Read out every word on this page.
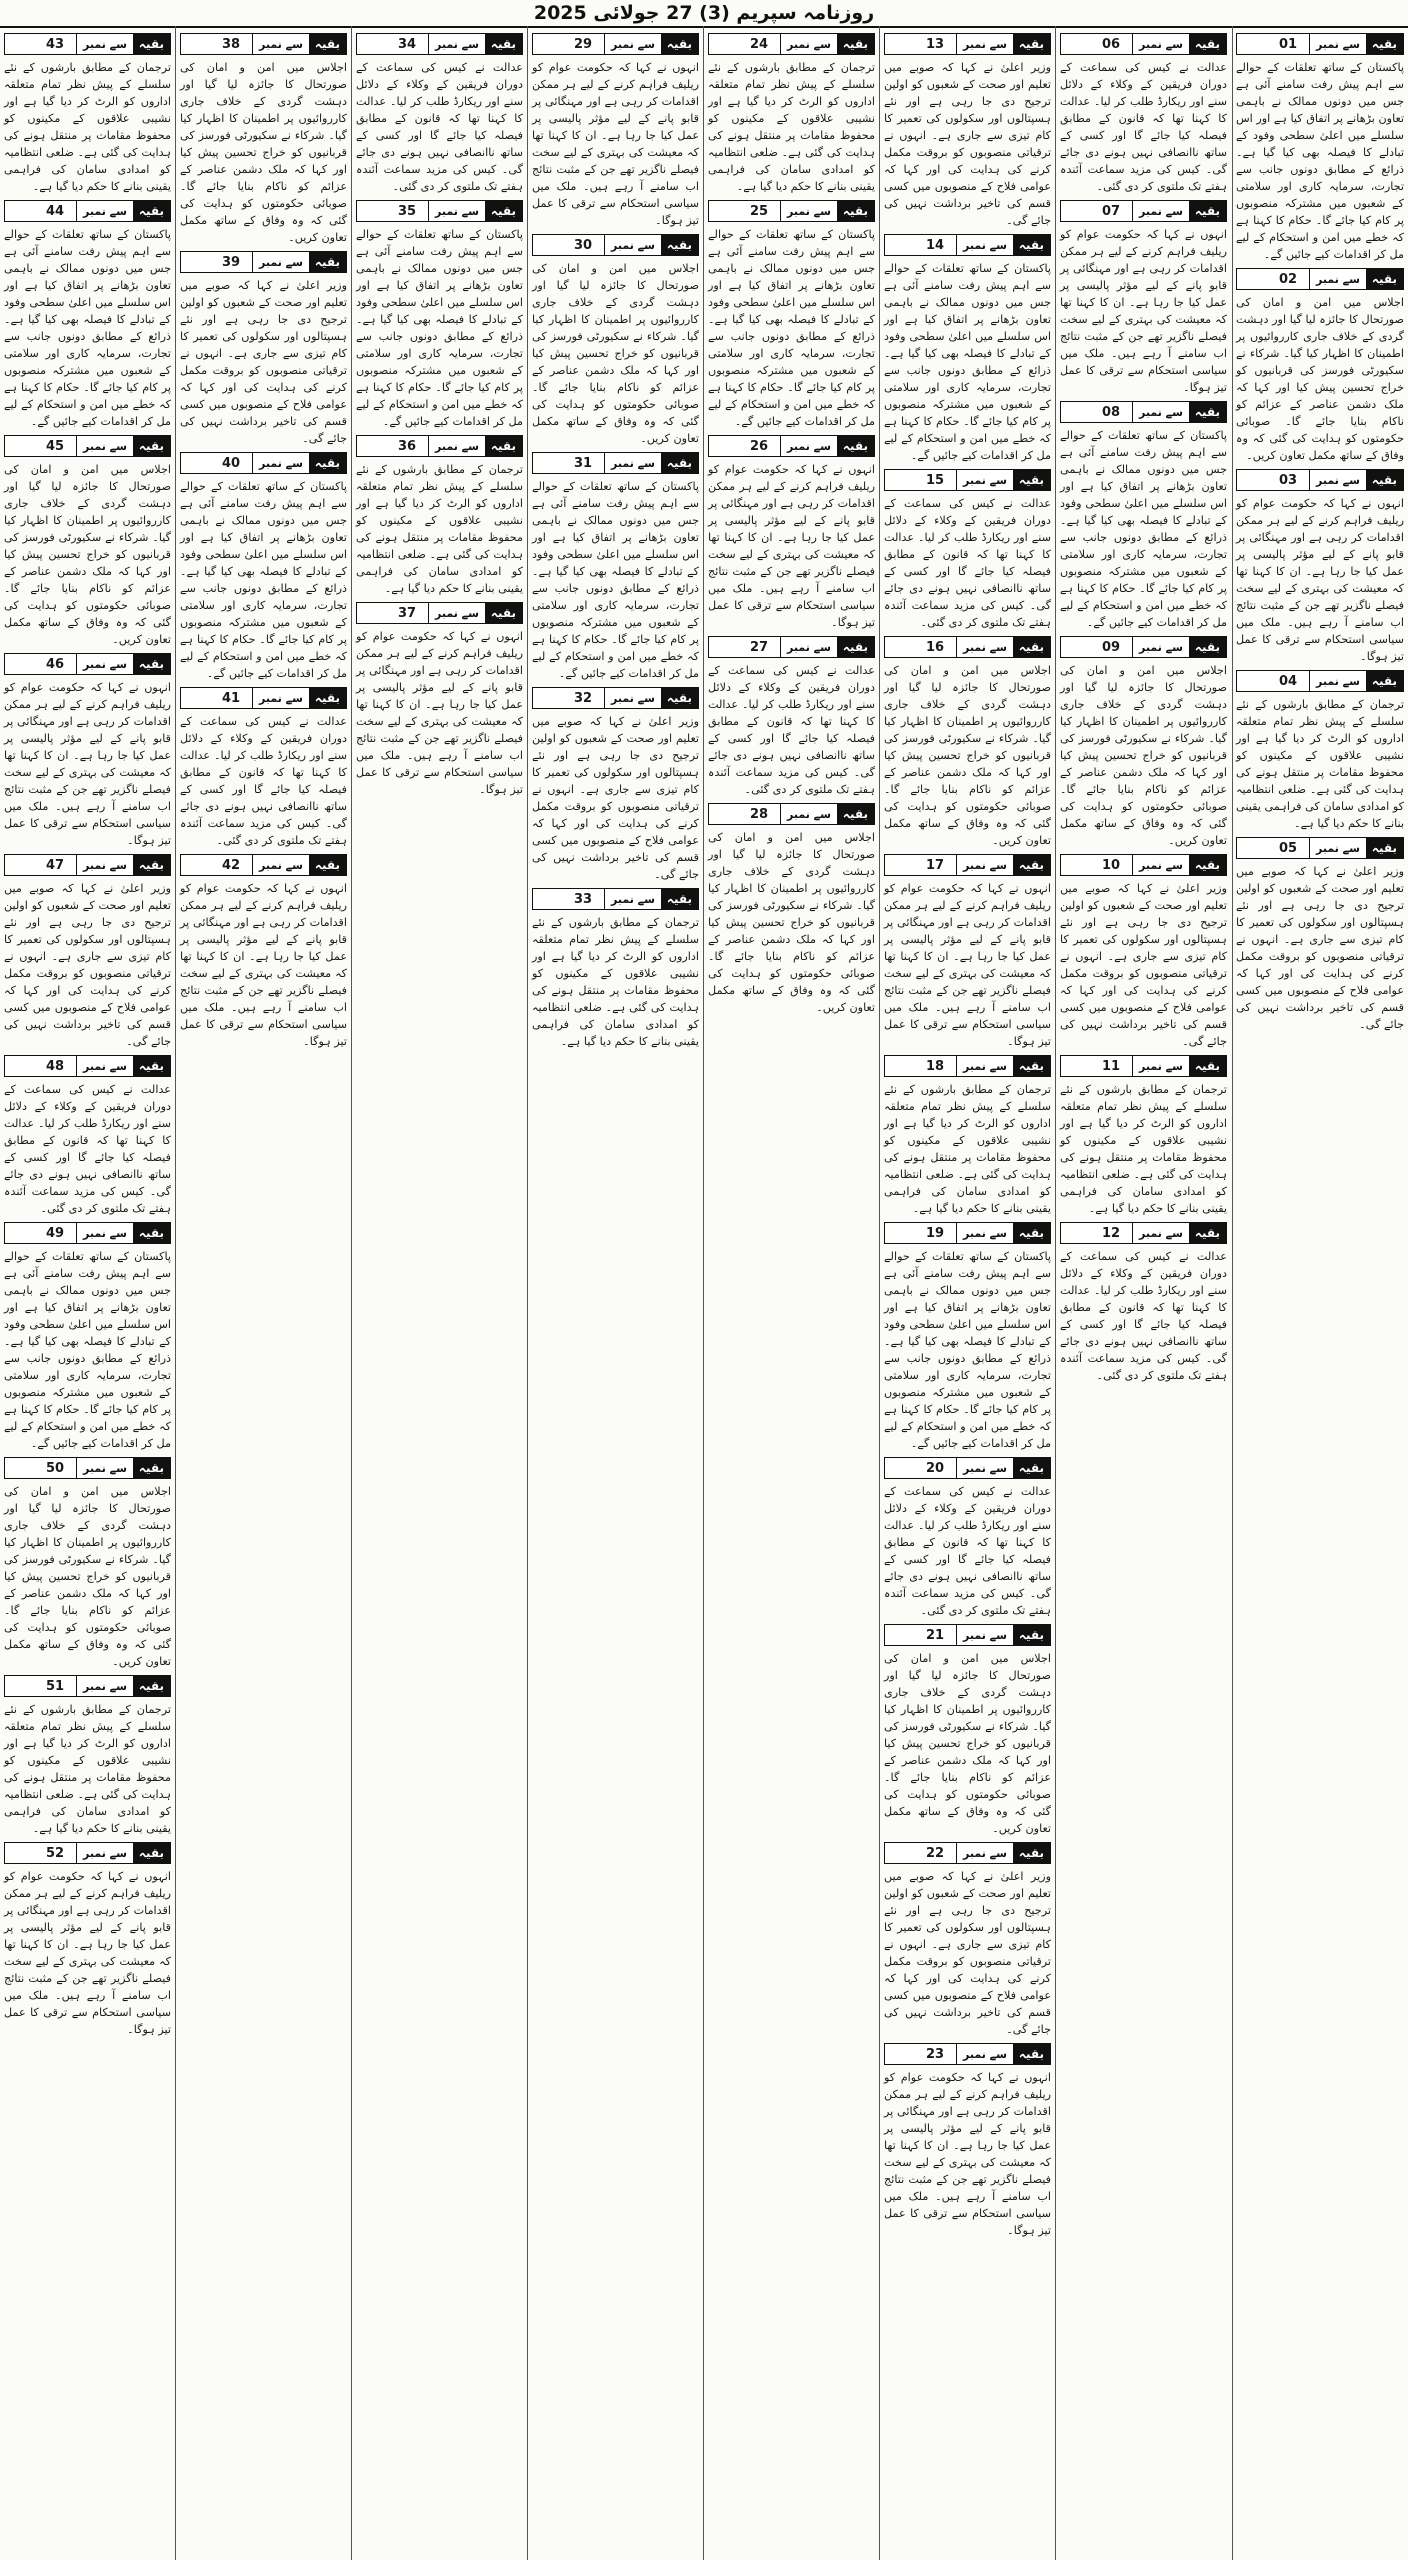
روزنامہ سپریم (3) 27 جولائی 2025
01	سے نمبر	بقیہ

پاکستان کے ساتھ تعلقات کے حوالے سے اہم پیش رفت سامنے آئی ہے جس میں دونوں ممالک نے باہمی تعاون بڑھانے پر اتفاق کیا ہے اور اس سلسلے میں اعلیٰ سطحی وفود کے تبادلے کا فیصلہ بھی کیا گیا ہے۔ ذرائع کے مطابق دونوں جانب سے تجارت، سرمایہ کاری اور سلامتی کے شعبوں میں مشترکہ منصوبوں پر کام کیا جائے گا۔ حکام کا کہنا ہے کہ خطے میں امن و استحکام کے لیے مل کر اقدامات کیے جائیں گے۔

02	سے نمبر	بقیہ

اجلاس میں امن و امان کی صورتحال کا جائزہ لیا گیا اور دہشت گردی کے خلاف جاری کارروائیوں پر اطمینان کا اظہار کیا گیا۔ شرکاء نے سکیورٹی فورسز کی قربانیوں کو خراج تحسین پیش کیا اور کہا کہ ملک دشمن عناصر کے عزائم کو ناکام بنایا جائے گا۔ صوبائی حکومتوں کو ہدایت کی گئی کہ وہ وفاق کے ساتھ مکمل تعاون کریں۔

03	سے نمبر	بقیہ

انہوں نے کہا کہ حکومت عوام کو ریلیف فراہم کرنے کے لیے ہر ممکن اقدامات کر رہی ہے اور مہنگائی پر قابو پانے کے لیے مؤثر پالیسی پر عمل کیا جا رہا ہے۔ ان کا کہنا تھا کہ معیشت کی بہتری کے لیے سخت فیصلے ناگزیر تھے جن کے مثبت نتائج اب سامنے آ رہے ہیں۔ ملک میں سیاسی استحکام سے ترقی کا عمل تیز ہوگا۔

04	سے نمبر	بقیہ

ترجمان کے مطابق بارشوں کے نئے سلسلے کے پیش نظر تمام متعلقہ اداروں کو الرٹ کر دیا گیا ہے اور نشیبی علاقوں کے مکینوں کو محفوظ مقامات پر منتقل ہونے کی ہدایت کی گئی ہے۔ ضلعی انتظامیہ کو امدادی سامان کی فراہمی یقینی بنانے کا حکم دیا گیا ہے۔

05	سے نمبر	بقیہ

وزیر اعلیٰ نے کہا کہ صوبے میں تعلیم اور صحت کے شعبوں کو اولین ترجیح دی جا رہی ہے اور نئے ہسپتالوں اور سکولوں کی تعمیر کا کام تیزی سے جاری ہے۔ انہوں نے ترقیاتی منصوبوں کو بروقت مکمل کرنے کی ہدایت کی اور کہا کہ عوامی فلاح کے منصوبوں میں کسی قسم کی تاخیر برداشت نہیں کی جائے گی۔

06	سے نمبر	بقیہ

عدالت نے کیس کی سماعت کے دوران فریقین کے وکلاء کے دلائل سنے اور ریکارڈ طلب کر لیا۔ عدالت کا کہنا تھا کہ قانون کے مطابق فیصلہ کیا جائے گا اور کسی کے ساتھ ناانصافی نہیں ہونے دی جائے گی۔ کیس کی مزید سماعت آئندہ ہفتے تک ملتوی کر دی گئی۔

07	سے نمبر	بقیہ

انہوں نے کہا کہ حکومت عوام کو ریلیف فراہم کرنے کے لیے ہر ممکن اقدامات کر رہی ہے اور مہنگائی پر قابو پانے کے لیے مؤثر پالیسی پر عمل کیا جا رہا ہے۔ ان کا کہنا تھا کہ معیشت کی بہتری کے لیے سخت فیصلے ناگزیر تھے جن کے مثبت نتائج اب سامنے آ رہے ہیں۔ ملک میں سیاسی استحکام سے ترقی کا عمل تیز ہوگا۔

08	سے نمبر	بقیہ

پاکستان کے ساتھ تعلقات کے حوالے سے اہم پیش رفت سامنے آئی ہے جس میں دونوں ممالک نے باہمی تعاون بڑھانے پر اتفاق کیا ہے اور اس سلسلے میں اعلیٰ سطحی وفود کے تبادلے کا فیصلہ بھی کیا گیا ہے۔ ذرائع کے مطابق دونوں جانب سے تجارت، سرمایہ کاری اور سلامتی کے شعبوں میں مشترکہ منصوبوں پر کام کیا جائے گا۔ حکام کا کہنا ہے کہ خطے میں امن و استحکام کے لیے مل کر اقدامات کیے جائیں گے۔

09	سے نمبر	بقیہ

اجلاس میں امن و امان کی صورتحال کا جائزہ لیا گیا اور دہشت گردی کے خلاف جاری کارروائیوں پر اطمینان کا اظہار کیا گیا۔ شرکاء نے سکیورٹی فورسز کی قربانیوں کو خراج تحسین پیش کیا اور کہا کہ ملک دشمن عناصر کے عزائم کو ناکام بنایا جائے گا۔ صوبائی حکومتوں کو ہدایت کی گئی کہ وہ وفاق کے ساتھ مکمل تعاون کریں۔

10	سے نمبر	بقیہ

وزیر اعلیٰ نے کہا کہ صوبے میں تعلیم اور صحت کے شعبوں کو اولین ترجیح دی جا رہی ہے اور نئے ہسپتالوں اور سکولوں کی تعمیر کا کام تیزی سے جاری ہے۔ انہوں نے ترقیاتی منصوبوں کو بروقت مکمل کرنے کی ہدایت کی اور کہا کہ عوامی فلاح کے منصوبوں میں کسی قسم کی تاخیر برداشت نہیں کی جائے گی۔

11	سے نمبر	بقیہ

ترجمان کے مطابق بارشوں کے نئے سلسلے کے پیش نظر تمام متعلقہ اداروں کو الرٹ کر دیا گیا ہے اور نشیبی علاقوں کے مکینوں کو محفوظ مقامات پر منتقل ہونے کی ہدایت کی گئی ہے۔ ضلعی انتظامیہ کو امدادی سامان کی فراہمی یقینی بنانے کا حکم دیا گیا ہے۔

12	سے نمبر	بقیہ

عدالت نے کیس کی سماعت کے دوران فریقین کے وکلاء کے دلائل سنے اور ریکارڈ طلب کر لیا۔ عدالت کا کہنا تھا کہ قانون کے مطابق فیصلہ کیا جائے گا اور کسی کے ساتھ ناانصافی نہیں ہونے دی جائے گی۔ کیس کی مزید سماعت آئندہ ہفتے تک ملتوی کر دی گئی۔

13	سے نمبر	بقیہ

وزیر اعلیٰ نے کہا کہ صوبے میں تعلیم اور صحت کے شعبوں کو اولین ترجیح دی جا رہی ہے اور نئے ہسپتالوں اور سکولوں کی تعمیر کا کام تیزی سے جاری ہے۔ انہوں نے ترقیاتی منصوبوں کو بروقت مکمل کرنے کی ہدایت کی اور کہا کہ عوامی فلاح کے منصوبوں میں کسی قسم کی تاخیر برداشت نہیں کی جائے گی۔

14	سے نمبر	بقیہ

پاکستان کے ساتھ تعلقات کے حوالے سے اہم پیش رفت سامنے آئی ہے جس میں دونوں ممالک نے باہمی تعاون بڑھانے پر اتفاق کیا ہے اور اس سلسلے میں اعلیٰ سطحی وفود کے تبادلے کا فیصلہ بھی کیا گیا ہے۔ ذرائع کے مطابق دونوں جانب سے تجارت، سرمایہ کاری اور سلامتی کے شعبوں میں مشترکہ منصوبوں پر کام کیا جائے گا۔ حکام کا کہنا ہے کہ خطے میں امن و استحکام کے لیے مل کر اقدامات کیے جائیں گے۔

15	سے نمبر	بقیہ

عدالت نے کیس کی سماعت کے دوران فریقین کے وکلاء کے دلائل سنے اور ریکارڈ طلب کر لیا۔ عدالت کا کہنا تھا کہ قانون کے مطابق فیصلہ کیا جائے گا اور کسی کے ساتھ ناانصافی نہیں ہونے دی جائے گی۔ کیس کی مزید سماعت آئندہ ہفتے تک ملتوی کر دی گئی۔

16	سے نمبر	بقیہ

اجلاس میں امن و امان کی صورتحال کا جائزہ لیا گیا اور دہشت گردی کے خلاف جاری کارروائیوں پر اطمینان کا اظہار کیا گیا۔ شرکاء نے سکیورٹی فورسز کی قربانیوں کو خراج تحسین پیش کیا اور کہا کہ ملک دشمن عناصر کے عزائم کو ناکام بنایا جائے گا۔ صوبائی حکومتوں کو ہدایت کی گئی کہ وہ وفاق کے ساتھ مکمل تعاون کریں۔

17	سے نمبر	بقیہ

انہوں نے کہا کہ حکومت عوام کو ریلیف فراہم کرنے کے لیے ہر ممکن اقدامات کر رہی ہے اور مہنگائی پر قابو پانے کے لیے مؤثر پالیسی پر عمل کیا جا رہا ہے۔ ان کا کہنا تھا کہ معیشت کی بہتری کے لیے سخت فیصلے ناگزیر تھے جن کے مثبت نتائج اب سامنے آ رہے ہیں۔ ملک میں سیاسی استحکام سے ترقی کا عمل تیز ہوگا۔

18	سے نمبر	بقیہ

ترجمان کے مطابق بارشوں کے نئے سلسلے کے پیش نظر تمام متعلقہ اداروں کو الرٹ کر دیا گیا ہے اور نشیبی علاقوں کے مکینوں کو محفوظ مقامات پر منتقل ہونے کی ہدایت کی گئی ہے۔ ضلعی انتظامیہ کو امدادی سامان کی فراہمی یقینی بنانے کا حکم دیا گیا ہے۔

19	سے نمبر	بقیہ

پاکستان کے ساتھ تعلقات کے حوالے سے اہم پیش رفت سامنے آئی ہے جس میں دونوں ممالک نے باہمی تعاون بڑھانے پر اتفاق کیا ہے اور اس سلسلے میں اعلیٰ سطحی وفود کے تبادلے کا فیصلہ بھی کیا گیا ہے۔ ذرائع کے مطابق دونوں جانب سے تجارت، سرمایہ کاری اور سلامتی کے شعبوں میں مشترکہ منصوبوں پر کام کیا جائے گا۔ حکام کا کہنا ہے کہ خطے میں امن و استحکام کے لیے مل کر اقدامات کیے جائیں گے۔

20	سے نمبر	بقیہ

عدالت نے کیس کی سماعت کے دوران فریقین کے وکلاء کے دلائل سنے اور ریکارڈ طلب کر لیا۔ عدالت کا کہنا تھا کہ قانون کے مطابق فیصلہ کیا جائے گا اور کسی کے ساتھ ناانصافی نہیں ہونے دی جائے گی۔ کیس کی مزید سماعت آئندہ ہفتے تک ملتوی کر دی گئی۔

21	سے نمبر	بقیہ

اجلاس میں امن و امان کی صورتحال کا جائزہ لیا گیا اور دہشت گردی کے خلاف جاری کارروائیوں پر اطمینان کا اظہار کیا گیا۔ شرکاء نے سکیورٹی فورسز کی قربانیوں کو خراج تحسین پیش کیا اور کہا کہ ملک دشمن عناصر کے عزائم کو ناکام بنایا جائے گا۔ صوبائی حکومتوں کو ہدایت کی گئی کہ وہ وفاق کے ساتھ مکمل تعاون کریں۔

22	سے نمبر	بقیہ

وزیر اعلیٰ نے کہا کہ صوبے میں تعلیم اور صحت کے شعبوں کو اولین ترجیح دی جا رہی ہے اور نئے ہسپتالوں اور سکولوں کی تعمیر کا کام تیزی سے جاری ہے۔ انہوں نے ترقیاتی منصوبوں کو بروقت مکمل کرنے کی ہدایت کی اور کہا کہ عوامی فلاح کے منصوبوں میں کسی قسم کی تاخیر برداشت نہیں کی جائے گی۔

23	سے نمبر	بقیہ

انہوں نے کہا کہ حکومت عوام کو ریلیف فراہم کرنے کے لیے ہر ممکن اقدامات کر رہی ہے اور مہنگائی پر قابو پانے کے لیے مؤثر پالیسی پر عمل کیا جا رہا ہے۔ ان کا کہنا تھا کہ معیشت کی بہتری کے لیے سخت فیصلے ناگزیر تھے جن کے مثبت نتائج اب سامنے آ رہے ہیں۔ ملک میں سیاسی استحکام سے ترقی کا عمل تیز ہوگا۔

24	سے نمبر	بقیہ

ترجمان کے مطابق بارشوں کے نئے سلسلے کے پیش نظر تمام متعلقہ اداروں کو الرٹ کر دیا گیا ہے اور نشیبی علاقوں کے مکینوں کو محفوظ مقامات پر منتقل ہونے کی ہدایت کی گئی ہے۔ ضلعی انتظامیہ کو امدادی سامان کی فراہمی یقینی بنانے کا حکم دیا گیا ہے۔

25	سے نمبر	بقیہ

پاکستان کے ساتھ تعلقات کے حوالے سے اہم پیش رفت سامنے آئی ہے جس میں دونوں ممالک نے باہمی تعاون بڑھانے پر اتفاق کیا ہے اور اس سلسلے میں اعلیٰ سطحی وفود کے تبادلے کا فیصلہ بھی کیا گیا ہے۔ ذرائع کے مطابق دونوں جانب سے تجارت، سرمایہ کاری اور سلامتی کے شعبوں میں مشترکہ منصوبوں پر کام کیا جائے گا۔ حکام کا کہنا ہے کہ خطے میں امن و استحکام کے لیے مل کر اقدامات کیے جائیں گے۔

26	سے نمبر	بقیہ

انہوں نے کہا کہ حکومت عوام کو ریلیف فراہم کرنے کے لیے ہر ممکن اقدامات کر رہی ہے اور مہنگائی پر قابو پانے کے لیے مؤثر پالیسی پر عمل کیا جا رہا ہے۔ ان کا کہنا تھا کہ معیشت کی بہتری کے لیے سخت فیصلے ناگزیر تھے جن کے مثبت نتائج اب سامنے آ رہے ہیں۔ ملک میں سیاسی استحکام سے ترقی کا عمل تیز ہوگا۔

27	سے نمبر	بقیہ

عدالت نے کیس کی سماعت کے دوران فریقین کے وکلاء کے دلائل سنے اور ریکارڈ طلب کر لیا۔ عدالت کا کہنا تھا کہ قانون کے مطابق فیصلہ کیا جائے گا اور کسی کے ساتھ ناانصافی نہیں ہونے دی جائے گی۔ کیس کی مزید سماعت آئندہ ہفتے تک ملتوی کر دی گئی۔

28	سے نمبر	بقیہ

اجلاس میں امن و امان کی صورتحال کا جائزہ لیا گیا اور دہشت گردی کے خلاف جاری کارروائیوں پر اطمینان کا اظہار کیا گیا۔ شرکاء نے سکیورٹی فورسز کی قربانیوں کو خراج تحسین پیش کیا اور کہا کہ ملک دشمن عناصر کے عزائم کو ناکام بنایا جائے گا۔ صوبائی حکومتوں کو ہدایت کی گئی کہ وہ وفاق کے ساتھ مکمل تعاون کریں۔

29	سے نمبر	بقیہ

انہوں نے کہا کہ حکومت عوام کو ریلیف فراہم کرنے کے لیے ہر ممکن اقدامات کر رہی ہے اور مہنگائی پر قابو پانے کے لیے مؤثر پالیسی پر عمل کیا جا رہا ہے۔ ان کا کہنا تھا کہ معیشت کی بہتری کے لیے سخت فیصلے ناگزیر تھے جن کے مثبت نتائج اب سامنے آ رہے ہیں۔ ملک میں سیاسی استحکام سے ترقی کا عمل تیز ہوگا۔

30	سے نمبر	بقیہ

اجلاس میں امن و امان کی صورتحال کا جائزہ لیا گیا اور دہشت گردی کے خلاف جاری کارروائیوں پر اطمینان کا اظہار کیا گیا۔ شرکاء نے سکیورٹی فورسز کی قربانیوں کو خراج تحسین پیش کیا اور کہا کہ ملک دشمن عناصر کے عزائم کو ناکام بنایا جائے گا۔ صوبائی حکومتوں کو ہدایت کی گئی کہ وہ وفاق کے ساتھ مکمل تعاون کریں۔

31	سے نمبر	بقیہ

پاکستان کے ساتھ تعلقات کے حوالے سے اہم پیش رفت سامنے آئی ہے جس میں دونوں ممالک نے باہمی تعاون بڑھانے پر اتفاق کیا ہے اور اس سلسلے میں اعلیٰ سطحی وفود کے تبادلے کا فیصلہ بھی کیا گیا ہے۔ ذرائع کے مطابق دونوں جانب سے تجارت، سرمایہ کاری اور سلامتی کے شعبوں میں مشترکہ منصوبوں پر کام کیا جائے گا۔ حکام کا کہنا ہے کہ خطے میں امن و استحکام کے لیے مل کر اقدامات کیے جائیں گے۔

32	سے نمبر	بقیہ

وزیر اعلیٰ نے کہا کہ صوبے میں تعلیم اور صحت کے شعبوں کو اولین ترجیح دی جا رہی ہے اور نئے ہسپتالوں اور سکولوں کی تعمیر کا کام تیزی سے جاری ہے۔ انہوں نے ترقیاتی منصوبوں کو بروقت مکمل کرنے کی ہدایت کی اور کہا کہ عوامی فلاح کے منصوبوں میں کسی قسم کی تاخیر برداشت نہیں کی جائے گی۔

33	سے نمبر	بقیہ

ترجمان کے مطابق بارشوں کے نئے سلسلے کے پیش نظر تمام متعلقہ اداروں کو الرٹ کر دیا گیا ہے اور نشیبی علاقوں کے مکینوں کو محفوظ مقامات پر منتقل ہونے کی ہدایت کی گئی ہے۔ ضلعی انتظامیہ کو امدادی سامان کی فراہمی یقینی بنانے کا حکم دیا گیا ہے۔

34	سے نمبر	بقیہ

عدالت نے کیس کی سماعت کے دوران فریقین کے وکلاء کے دلائل سنے اور ریکارڈ طلب کر لیا۔ عدالت کا کہنا تھا کہ قانون کے مطابق فیصلہ کیا جائے گا اور کسی کے ساتھ ناانصافی نہیں ہونے دی جائے گی۔ کیس کی مزید سماعت آئندہ ہفتے تک ملتوی کر دی گئی۔

35	سے نمبر	بقیہ

پاکستان کے ساتھ تعلقات کے حوالے سے اہم پیش رفت سامنے آئی ہے جس میں دونوں ممالک نے باہمی تعاون بڑھانے پر اتفاق کیا ہے اور اس سلسلے میں اعلیٰ سطحی وفود کے تبادلے کا فیصلہ بھی کیا گیا ہے۔ ذرائع کے مطابق دونوں جانب سے تجارت، سرمایہ کاری اور سلامتی کے شعبوں میں مشترکہ منصوبوں پر کام کیا جائے گا۔ حکام کا کہنا ہے کہ خطے میں امن و استحکام کے لیے مل کر اقدامات کیے جائیں گے۔

36	سے نمبر	بقیہ

ترجمان کے مطابق بارشوں کے نئے سلسلے کے پیش نظر تمام متعلقہ اداروں کو الرٹ کر دیا گیا ہے اور نشیبی علاقوں کے مکینوں کو محفوظ مقامات پر منتقل ہونے کی ہدایت کی گئی ہے۔ ضلعی انتظامیہ کو امدادی سامان کی فراہمی یقینی بنانے کا حکم دیا گیا ہے۔

37	سے نمبر	بقیہ

انہوں نے کہا کہ حکومت عوام کو ریلیف فراہم کرنے کے لیے ہر ممکن اقدامات کر رہی ہے اور مہنگائی پر قابو پانے کے لیے مؤثر پالیسی پر عمل کیا جا رہا ہے۔ ان کا کہنا تھا کہ معیشت کی بہتری کے لیے سخت فیصلے ناگزیر تھے جن کے مثبت نتائج اب سامنے آ رہے ہیں۔ ملک میں سیاسی استحکام سے ترقی کا عمل تیز ہوگا۔

38	سے نمبر	بقیہ

اجلاس میں امن و امان کی صورتحال کا جائزہ لیا گیا اور دہشت گردی کے خلاف جاری کارروائیوں پر اطمینان کا اظہار کیا گیا۔ شرکاء نے سکیورٹی فورسز کی قربانیوں کو خراج تحسین پیش کیا اور کہا کہ ملک دشمن عناصر کے عزائم کو ناکام بنایا جائے گا۔ صوبائی حکومتوں کو ہدایت کی گئی کہ وہ وفاق کے ساتھ مکمل تعاون کریں۔

39	سے نمبر	بقیہ

وزیر اعلیٰ نے کہا کہ صوبے میں تعلیم اور صحت کے شعبوں کو اولین ترجیح دی جا رہی ہے اور نئے ہسپتالوں اور سکولوں کی تعمیر کا کام تیزی سے جاری ہے۔ انہوں نے ترقیاتی منصوبوں کو بروقت مکمل کرنے کی ہدایت کی اور کہا کہ عوامی فلاح کے منصوبوں میں کسی قسم کی تاخیر برداشت نہیں کی جائے گی۔

40	سے نمبر	بقیہ

پاکستان کے ساتھ تعلقات کے حوالے سے اہم پیش رفت سامنے آئی ہے جس میں دونوں ممالک نے باہمی تعاون بڑھانے پر اتفاق کیا ہے اور اس سلسلے میں اعلیٰ سطحی وفود کے تبادلے کا فیصلہ بھی کیا گیا ہے۔ ذرائع کے مطابق دونوں جانب سے تجارت، سرمایہ کاری اور سلامتی کے شعبوں میں مشترکہ منصوبوں پر کام کیا جائے گا۔ حکام کا کہنا ہے کہ خطے میں امن و استحکام کے لیے مل کر اقدامات کیے جائیں گے۔

41	سے نمبر	بقیہ

عدالت نے کیس کی سماعت کے دوران فریقین کے وکلاء کے دلائل سنے اور ریکارڈ طلب کر لیا۔ عدالت کا کہنا تھا کہ قانون کے مطابق فیصلہ کیا جائے گا اور کسی کے ساتھ ناانصافی نہیں ہونے دی جائے گی۔ کیس کی مزید سماعت آئندہ ہفتے تک ملتوی کر دی گئی۔

42	سے نمبر	بقیہ

انہوں نے کہا کہ حکومت عوام کو ریلیف فراہم کرنے کے لیے ہر ممکن اقدامات کر رہی ہے اور مہنگائی پر قابو پانے کے لیے مؤثر پالیسی پر عمل کیا جا رہا ہے۔ ان کا کہنا تھا کہ معیشت کی بہتری کے لیے سخت فیصلے ناگزیر تھے جن کے مثبت نتائج اب سامنے آ رہے ہیں۔ ملک میں سیاسی استحکام سے ترقی کا عمل تیز ہوگا۔

43	سے نمبر	بقیہ

ترجمان کے مطابق بارشوں کے نئے سلسلے کے پیش نظر تمام متعلقہ اداروں کو الرٹ کر دیا گیا ہے اور نشیبی علاقوں کے مکینوں کو محفوظ مقامات پر منتقل ہونے کی ہدایت کی گئی ہے۔ ضلعی انتظامیہ کو امدادی سامان کی فراہمی یقینی بنانے کا حکم دیا گیا ہے۔

44	سے نمبر	بقیہ

پاکستان کے ساتھ تعلقات کے حوالے سے اہم پیش رفت سامنے آئی ہے جس میں دونوں ممالک نے باہمی تعاون بڑھانے پر اتفاق کیا ہے اور اس سلسلے میں اعلیٰ سطحی وفود کے تبادلے کا فیصلہ بھی کیا گیا ہے۔ ذرائع کے مطابق دونوں جانب سے تجارت، سرمایہ کاری اور سلامتی کے شعبوں میں مشترکہ منصوبوں پر کام کیا جائے گا۔ حکام کا کہنا ہے کہ خطے میں امن و استحکام کے لیے مل کر اقدامات کیے جائیں گے۔

45	سے نمبر	بقیہ

اجلاس میں امن و امان کی صورتحال کا جائزہ لیا گیا اور دہشت گردی کے خلاف جاری کارروائیوں پر اطمینان کا اظہار کیا گیا۔ شرکاء نے سکیورٹی فورسز کی قربانیوں کو خراج تحسین پیش کیا اور کہا کہ ملک دشمن عناصر کے عزائم کو ناکام بنایا جائے گا۔ صوبائی حکومتوں کو ہدایت کی گئی کہ وہ وفاق کے ساتھ مکمل تعاون کریں۔

46	سے نمبر	بقیہ

انہوں نے کہا کہ حکومت عوام کو ریلیف فراہم کرنے کے لیے ہر ممکن اقدامات کر رہی ہے اور مہنگائی پر قابو پانے کے لیے مؤثر پالیسی پر عمل کیا جا رہا ہے۔ ان کا کہنا تھا کہ معیشت کی بہتری کے لیے سخت فیصلے ناگزیر تھے جن کے مثبت نتائج اب سامنے آ رہے ہیں۔ ملک میں سیاسی استحکام سے ترقی کا عمل تیز ہوگا۔

47	سے نمبر	بقیہ

وزیر اعلیٰ نے کہا کہ صوبے میں تعلیم اور صحت کے شعبوں کو اولین ترجیح دی جا رہی ہے اور نئے ہسپتالوں اور سکولوں کی تعمیر کا کام تیزی سے جاری ہے۔ انہوں نے ترقیاتی منصوبوں کو بروقت مکمل کرنے کی ہدایت کی اور کہا کہ عوامی فلاح کے منصوبوں میں کسی قسم کی تاخیر برداشت نہیں کی جائے گی۔

48	سے نمبر	بقیہ

عدالت نے کیس کی سماعت کے دوران فریقین کے وکلاء کے دلائل سنے اور ریکارڈ طلب کر لیا۔ عدالت کا کہنا تھا کہ قانون کے مطابق فیصلہ کیا جائے گا اور کسی کے ساتھ ناانصافی نہیں ہونے دی جائے گی۔ کیس کی مزید سماعت آئندہ ہفتے تک ملتوی کر دی گئی۔

49	سے نمبر	بقیہ

پاکستان کے ساتھ تعلقات کے حوالے سے اہم پیش رفت سامنے آئی ہے جس میں دونوں ممالک نے باہمی تعاون بڑھانے پر اتفاق کیا ہے اور اس سلسلے میں اعلیٰ سطحی وفود کے تبادلے کا فیصلہ بھی کیا گیا ہے۔ ذرائع کے مطابق دونوں جانب سے تجارت، سرمایہ کاری اور سلامتی کے شعبوں میں مشترکہ منصوبوں پر کام کیا جائے گا۔ حکام کا کہنا ہے کہ خطے میں امن و استحکام کے لیے مل کر اقدامات کیے جائیں گے۔

50	سے نمبر	بقیہ

اجلاس میں امن و امان کی صورتحال کا جائزہ لیا گیا اور دہشت گردی کے خلاف جاری کارروائیوں پر اطمینان کا اظہار کیا گیا۔ شرکاء نے سکیورٹی فورسز کی قربانیوں کو خراج تحسین پیش کیا اور کہا کہ ملک دشمن عناصر کے عزائم کو ناکام بنایا جائے گا۔ صوبائی حکومتوں کو ہدایت کی گئی کہ وہ وفاق کے ساتھ مکمل تعاون کریں۔

51	سے نمبر	بقیہ

ترجمان کے مطابق بارشوں کے نئے سلسلے کے پیش نظر تمام متعلقہ اداروں کو الرٹ کر دیا گیا ہے اور نشیبی علاقوں کے مکینوں کو محفوظ مقامات پر منتقل ہونے کی ہدایت کی گئی ہے۔ ضلعی انتظامیہ کو امدادی سامان کی فراہمی یقینی بنانے کا حکم دیا گیا ہے۔

52	سے نمبر	بقیہ

انہوں نے کہا کہ حکومت عوام کو ریلیف فراہم کرنے کے لیے ہر ممکن اقدامات کر رہی ہے اور مہنگائی پر قابو پانے کے لیے مؤثر پالیسی پر عمل کیا جا رہا ہے۔ ان کا کہنا تھا کہ معیشت کی بہتری کے لیے سخت فیصلے ناگزیر تھے جن کے مثبت نتائج اب سامنے آ رہے ہیں۔ ملک میں سیاسی استحکام سے ترقی کا عمل تیز ہوگا۔
